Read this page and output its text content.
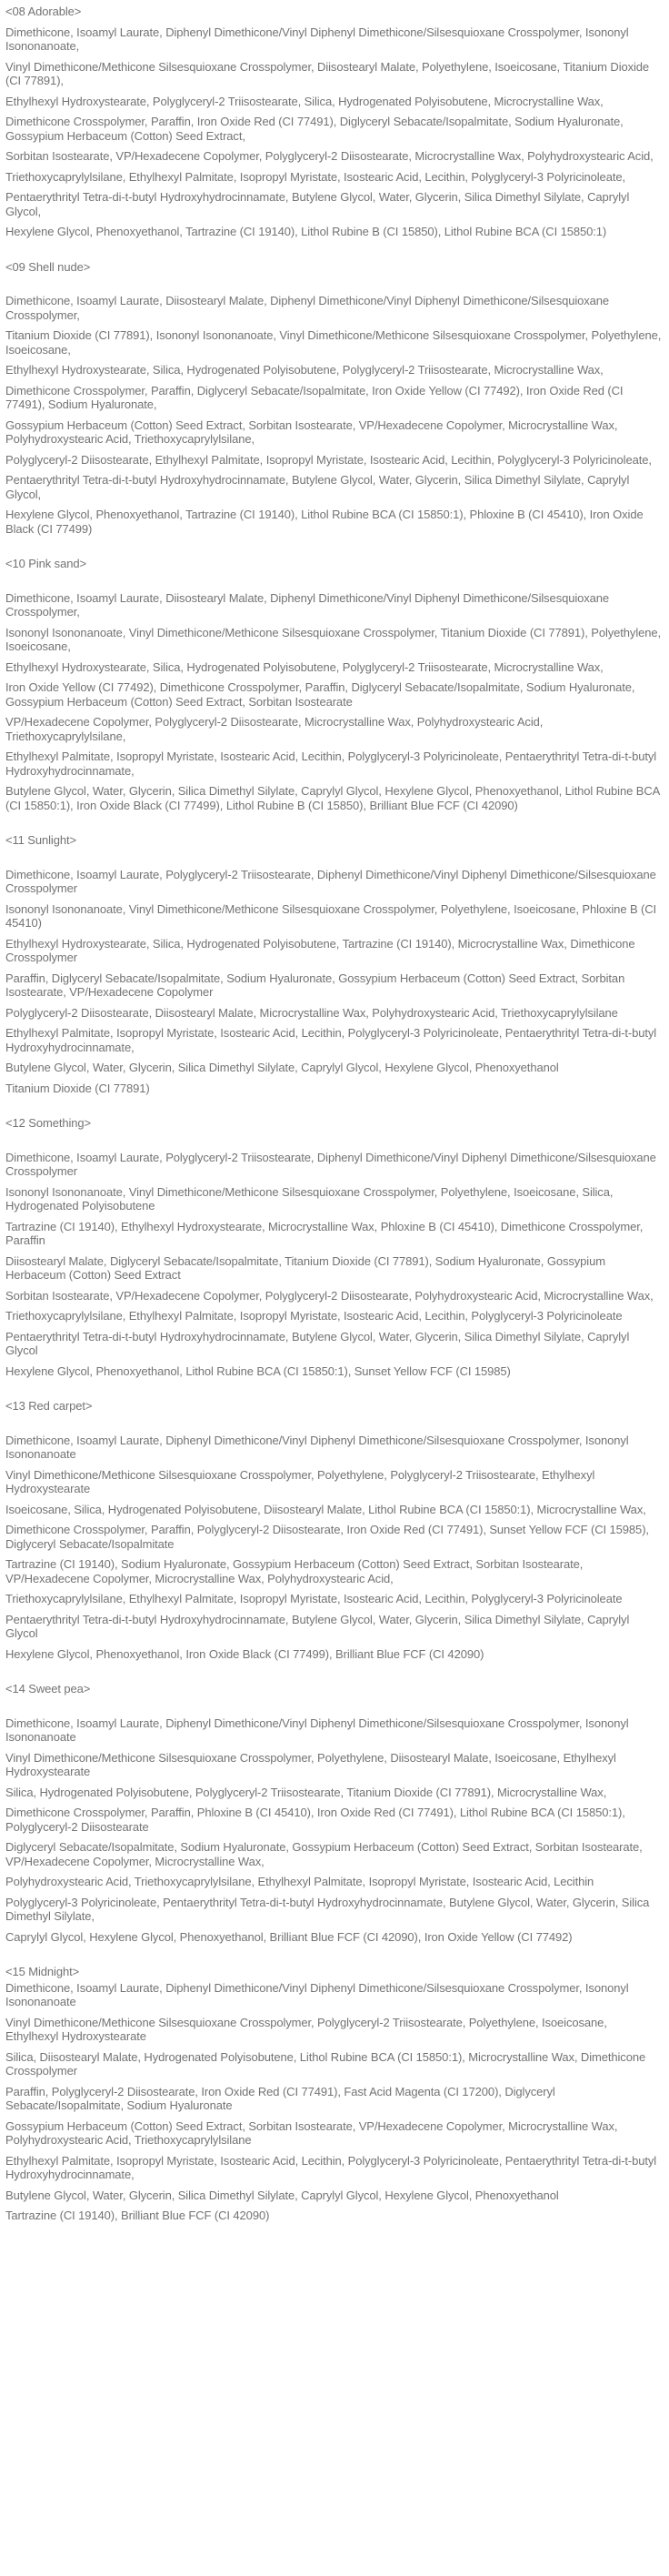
<08 Adorable>

Dimethicone, Isoamyl Laurate, Diphenyl Dimethicone/Vinyl Diphenyl Dimethicone/Silsesquioxane Crosspolymer, Isononyl Isononanoate,

Vinyl Dimethicone/Methicone Silsesquioxane Crosspolymer, Diisostearyl Malate, Polyethylene, Isoeicosane, Titanium Dioxide (CI 77891),

Ethylhexyl Hydroxystearate, Polyglyceryl-2 Triisostearate, Silica, Hydrogenated Polyisobutene, Microcrystalline Wax,

Dimethicone Crosspolymer, Paraffin, Iron Oxide Red (CI 77491), Diglyceryl Sebacate/Isopalmitate, Sodium Hyaluronate, Gossypium Herbaceum (Cotton) Seed Extract,

Sorbitan Isostearate, VP/Hexadecene Copolymer, Polyglyceryl-2 Diisostearate, Microcrystalline Wax, Polyhydroxystearic Acid,

Triethoxycaprylylsilane, Ethylhexyl Palmitate, Isopropyl Myristate, Isostearic Acid, Lecithin, Polyglyceryl-3 Polyricinoleate,

Pentaerythrityl Tetra-di-t-butyl Hydroxyhydrocinnamate, Butylene Glycol, Water, Glycerin, Silica Dimethyl Silylate, Caprylyl Glycol,

Hexylene Glycol, Phenoxyethanol, Tartrazine (CI 19140), Lithol Rubine B (CI 15850), Lithol Rubine BCA (CI 15850:1)

<09 Shell nude>

Dimethicone, Isoamyl Laurate, Diisostearyl Malate, Diphenyl Dimethicone/Vinyl Diphenyl Dimethicone/Silsesquioxane Crosspolymer,

Titanium Dioxide (CI 77891), Isononyl Isononanoate, Vinyl Dimethicone/Methicone Silsesquioxane Crosspolymer, Polyethylene, Isoeicosane,

Ethylhexyl Hydroxystearate, Silica, Hydrogenated Polyisobutene, Polyglyceryl-2 Triisostearate, Microcrystalline Wax,

Dimethicone Crosspolymer, Paraffin, Diglyceryl Sebacate/Isopalmitate, Iron Oxide Yellow (CI 77492), Iron Oxide Red (CI 77491), Sodium Hyaluronate,

Gossypium Herbaceum (Cotton) Seed Extract, Sorbitan Isostearate, VP/Hexadecene Copolymer, Microcrystalline Wax, Polyhydroxystearic Acid, Triethoxycaprylylsilane,

Polyglyceryl-2 Diisostearate, Ethylhexyl Palmitate, Isopropyl Myristate, Isostearic Acid, Lecithin, Polyglyceryl-3 Polyricinoleate,

Pentaerythrityl Tetra-di-t-butyl Hydroxyhydrocinnamate, Butylene Glycol, Water, Glycerin, Silica Dimethyl Silylate, Caprylyl Glycol,

Hexylene Glycol, Phenoxyethanol, Tartrazine (CI 19140), Lithol Rubine BCA (CI 15850:1), Phloxine B (CI 45410), Iron Oxide Black (CI 77499)

<10 Pink sand>

Dimethicone, Isoamyl Laurate, Diisostearyl Malate, Diphenyl Dimethicone/Vinyl Diphenyl Dimethicone/Silsesquioxane Crosspolymer,

Isononyl Isononanoate, Vinyl Dimethicone/Methicone Silsesquioxane Crosspolymer, Titanium Dioxide (CI 77891), Polyethylene, Isoeicosane,

Ethylhexyl Hydroxystearate, Silica, Hydrogenated Polyisobutene, Polyglyceryl-2 Triisostearate, Microcrystalline Wax,

Iron Oxide Yellow (CI 77492), Dimethicone Crosspolymer, Paraffin, Diglyceryl Sebacate/Isopalmitate, Sodium Hyaluronate, Gossypium Herbaceum (Cotton) Seed Extract, Sorbitan Isostearate

VP/Hexadecene Copolymer, Polyglyceryl-2 Diisostearate, Microcrystalline Wax, Polyhydroxystearic Acid, Triethoxycaprylylsilane,

Ethylhexyl Palmitate, Isopropyl Myristate, Isostearic Acid, Lecithin, Polyglyceryl-3 Polyricinoleate, Pentaerythrityl Tetra-di-t-butyl Hydroxyhydrocinnamate,

Butylene Glycol, Water, Glycerin, Silica Dimethyl Silylate, Caprylyl Glycol, Hexylene Glycol, Phenoxyethanol, Lithol Rubine BCA (CI 15850:1), Iron Oxide Black (CI 77499), Lithol Rubine B (CI 15850), Brilliant Blue FCF (CI 42090)

<11 Sunlight>

Dimethicone, Isoamyl Laurate, Polyglyceryl-2 Triisostearate, Diphenyl Dimethicone/Vinyl Diphenyl Dimethicone/Silsesquioxane Crosspolymer

Isononyl Isononanoate, Vinyl Dimethicone/Methicone Silsesquioxane Crosspolymer, Polyethylene, Isoeicosane, Phloxine B (CI 45410)

Ethylhexyl Hydroxystearate, Silica, Hydrogenated Polyisobutene, Tartrazine (CI 19140), Microcrystalline Wax, Dimethicone Crosspolymer

Paraffin, Diglyceryl Sebacate/Isopalmitate, Sodium Hyaluronate, Gossypium Herbaceum (Cotton) Seed Extract, Sorbitan Isostearate, VP/Hexadecene Copolymer

Polyglyceryl-2 Diisostearate, Diisostearyl Malate, Microcrystalline Wax, Polyhydroxystearic Acid, Triethoxycaprylylsilane

Ethylhexyl Palmitate, Isopropyl Myristate, Isostearic Acid, Lecithin, Polyglyceryl-3 Polyricinoleate, Pentaerythrityl Tetra-di-t-butyl Hydroxyhydrocinnamate,

Butylene Glycol, Water, Glycerin, Silica Dimethyl Silylate, Caprylyl Glycol, Hexylene Glycol, Phenoxyethanol

Titanium Dioxide (CI 77891)

<12 Something>

Dimethicone, Isoamyl Laurate, Polyglyceryl-2 Triisostearate, Diphenyl Dimethicone/Vinyl Diphenyl Dimethicone/Silsesquioxane Crosspolymer

Isononyl Isononanoate, Vinyl Dimethicone/Methicone Silsesquioxane Crosspolymer, Polyethylene, Isoeicosane, Silica, Hydrogenated Polyisobutene

Tartrazine (CI 19140), Ethylhexyl Hydroxystearate, Microcrystalline Wax, Phloxine B (CI 45410), Dimethicone Crosspolymer, Paraffin

Diisostearyl Malate, Diglyceryl Sebacate/Isopalmitate, Titanium Dioxide (CI 77891), Sodium Hyaluronate, Gossypium Herbaceum (Cotton) Seed Extract

Sorbitan Isostearate, VP/Hexadecene Copolymer, Polyglyceryl-2 Diisostearate, Polyhydroxystearic Acid, Microcrystalline Wax,

Triethoxycaprylylsilane, Ethylhexyl Palmitate, Isopropyl Myristate, Isostearic Acid, Lecithin, Polyglyceryl-3 Polyricinoleate

Pentaerythrityl Tetra-di-t-butyl Hydroxyhydrocinnamate, Butylene Glycol, Water, Glycerin, Silica Dimethyl Silylate, Caprylyl Glycol

Hexylene Glycol, Phenoxyethanol, Lithol Rubine BCA (CI 15850:1), Sunset Yellow FCF (CI 15985)

<13 Red carpet>

Dimethicone, Isoamyl Laurate, Diphenyl Dimethicone/Vinyl Diphenyl Dimethicone/Silsesquioxane Crosspolymer, Isononyl Isononanoate

Vinyl Dimethicone/Methicone Silsesquioxane Crosspolymer, Polyethylene, Polyglyceryl-2 Triisostearate, Ethylhexyl Hydroxystearate

Isoeicosane, Silica, Hydrogenated Polyisobutene, Diisostearyl Malate, Lithol Rubine BCA (CI 15850:1), Microcrystalline Wax,

Dimethicone Crosspolymer, Paraffin, Polyglyceryl-2 Diisostearate, Iron Oxide Red (CI 77491), Sunset Yellow FCF (CI 15985), Diglyceryl Sebacate/Isopalmitate

Tartrazine (CI 19140), Sodium Hyaluronate, Gossypium Herbaceum (Cotton) Seed Extract, Sorbitan Isostearate, VP/Hexadecene Copolymer, Microcrystalline Wax, Polyhydroxystearic Acid,

Triethoxycaprylylsilane, Ethylhexyl Palmitate, Isopropyl Myristate, Isostearic Acid, Lecithin, Polyglyceryl-3 Polyricinoleate

Pentaerythrityl Tetra-di-t-butyl Hydroxyhydrocinnamate, Butylene Glycol, Water, Glycerin, Silica Dimethyl Silylate, Caprylyl Glycol

Hexylene Glycol, Phenoxyethanol, Iron Oxide Black (CI 77499), Brilliant Blue FCF (CI 42090)

<14 Sweet pea>

Dimethicone, Isoamyl Laurate, Diphenyl Dimethicone/Vinyl Diphenyl Dimethicone/Silsesquioxane Crosspolymer, Isononyl Isononanoate

Vinyl Dimethicone/Methicone Silsesquioxane Crosspolymer, Polyethylene, Diisostearyl Malate, Isoeicosane, Ethylhexyl Hydroxystearate

Silica, Hydrogenated Polyisobutene, Polyglyceryl-2 Triisostearate, Titanium Dioxide (CI 77891), Microcrystalline Wax,

Dimethicone Crosspolymer, Paraffin, Phloxine B (CI 45410), Iron Oxide Red (CI 77491), Lithol Rubine BCA (CI 15850:1), Polyglyceryl-2 Diisostearate

Diglyceryl Sebacate/Isopalmitate, Sodium Hyaluronate, Gossypium Herbaceum (Cotton) Seed Extract, Sorbitan Isostearate, VP/Hexadecene Copolymer, Microcrystalline Wax,

Polyhydroxystearic Acid, Triethoxycaprylylsilane, Ethylhexyl Palmitate, Isopropyl Myristate, Isostearic Acid, Lecithin

Polyglyceryl-3 Polyricinoleate, Pentaerythrityl Tetra-di-t-butyl Hydroxyhydrocinnamate, Butylene Glycol, Water, Glycerin, Silica Dimethyl Silylate,

Caprylyl Glycol, Hexylene Glycol, Phenoxyethanol, Brilliant Blue FCF (CI 42090), Iron Oxide Yellow (CI 77492)

<15 Midnight>

Dimethicone, Isoamyl Laurate, Diphenyl Dimethicone/Vinyl Diphenyl Dimethicone/Silsesquioxane Crosspolymer, Isononyl Isononanoate

Vinyl Dimethicone/Methicone Silsesquioxane Crosspolymer, Polyglyceryl-2 Triisostearate, Polyethylene, Isoeicosane, Ethylhexyl Hydroxystearate

Silica, Diisostearyl Malate, Hydrogenated Polyisobutene, Lithol Rubine BCA (CI 15850:1), Microcrystalline Wax, Dimethicone Crosspolymer

Paraffin, Polyglyceryl-2 Diisostearate, Iron Oxide Red (CI 77491), Fast Acid Magenta (CI 17200), Diglyceryl Sebacate/Isopalmitate, Sodium Hyaluronate

Gossypium Herbaceum (Cotton) Seed Extract, Sorbitan Isostearate, VP/Hexadecene Copolymer, Microcrystalline Wax, Polyhydroxystearic Acid, Triethoxycaprylylsilane

Ethylhexyl Palmitate, Isopropyl Myristate, Isostearic Acid, Lecithin, Polyglyceryl-3 Polyricinoleate, Pentaerythrityl Tetra-di-t-butyl Hydroxyhydrocinnamate,

Butylene Glycol, Water, Glycerin, Silica Dimethyl Silylate, Caprylyl Glycol, Hexylene Glycol, Phenoxyethanol

Tartrazine (CI 19140), Brilliant Blue FCF (CI 42090)
